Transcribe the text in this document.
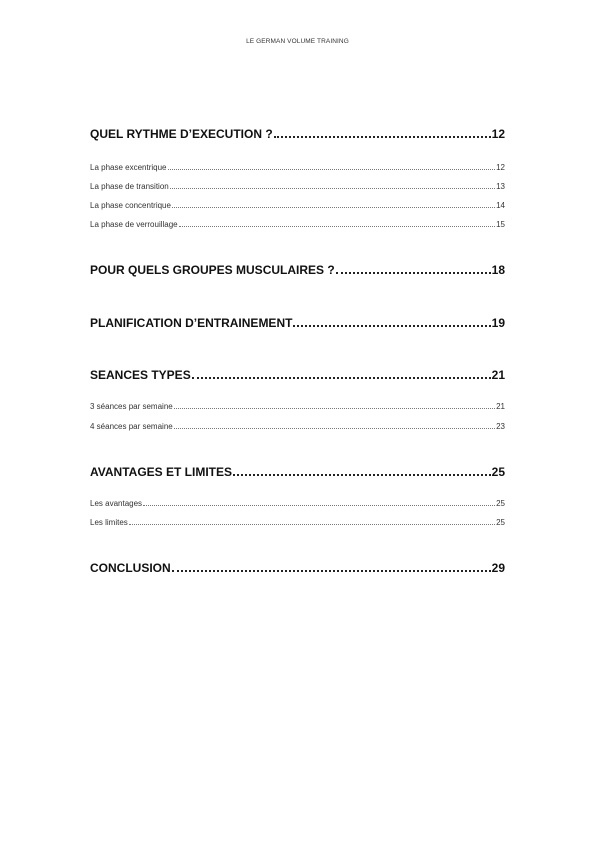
LE GERMAN VOLUME TRAINING
QUEL RYTHME D’EXECUTION ?	12
La phase excentrique	12
La phase de transition	13
La phase concentrique	14
La phase de verrouillage	15
POUR QUELS GROUPES MUSCULAIRES ?	18
PLANIFICATION D’ENTRAINEMENT	19
SEANCES TYPES	21
3 séances par semaine	21
4 séances par semaine	23
AVANTAGES ET LIMITES	25
Les avantages	25
Les limites	25
CONCLUSION	29
